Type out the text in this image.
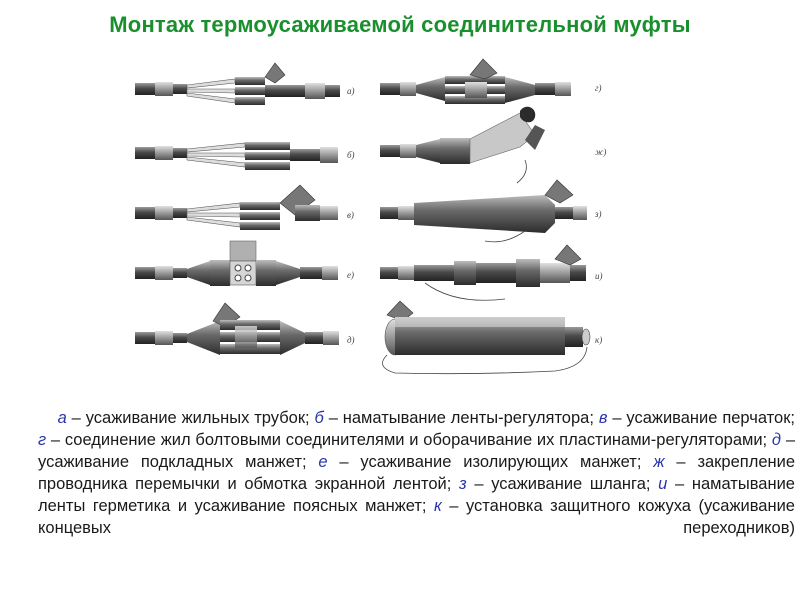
Монтаж термоусаживаемой соединительной муфты
а)
б)
в)
е)
д)
г)
ж)
з)
и)
к)
а – усаживание жильных трубок; б – наматывание ленты-регулятора; в – усаживание перчаток; г – соединение жил болтовыми соединителями и оборачивание их пластинами-регуляторами; д – усаживание подкладных манжет; е – усаживание изолирующих манжет; ж – закрепление проводника перемычки и обмотка экранной лентой; з – усаживание шланга; и – наматывание ленты герметика и усаживание поясных манжет; к – установка защитного кожуха (усаживание концевых переходников)
